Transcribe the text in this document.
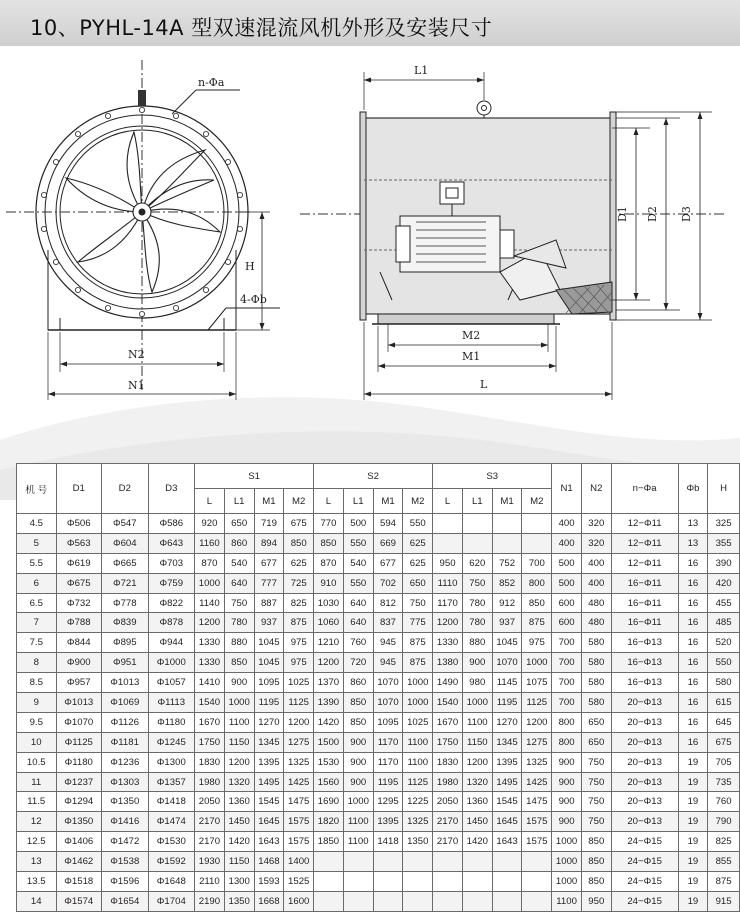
10、PYHL-14A 型双速混流风机外形及安装尺寸
n-Φa
4-Φb
H
N2
N1
L1
M2
M1
L
D1 D2 D3
机 号	D1	D2	D3	S1				S2				S3				N1	N2	n−Φa	Φb	H
				L	L1	M1	M2	L	L1	M1	M2	L	L1	M1	M2					
4.5	Φ506	Φ547	Φ586	920	650	719	675	770	500	594	550					400	320	12−Φ11	13	325
5	Φ563	Φ604	Φ643	1160	860	894	850	850	550	669	625					400	320	12−Φ11	13	355
5.5	Φ619	Φ665	Φ703	870	540	677	625	870	540	677	625	950	620	752	700	500	400	12−Φ11	16	390
6	Φ675	Φ721	Φ759	1000	640	777	725	910	550	702	650	1110	750	852	800	500	400	16−Φ11	16	420
6.5	Φ732	Φ778	Φ822	1140	750	887	825	1030	640	812	750	1170	780	912	850	600	480	16−Φ11	16	455
7	Φ788	Φ839	Φ878	1200	780	937	875	1060	640	837	775	1200	780	937	875	600	480	16−Φ11	16	485
7.5	Φ844	Φ895	Φ944	1330	880	1045	975	1210	760	945	875	1330	880	1045	975	700	580	16−Φ13	16	520
8	Φ900	Φ951	Φ1000	1330	850	1045	975	1200	720	945	875	1380	900	1070	1000	700	580	16−Φ13	16	550
8.5	Φ957	Φ1013	Φ1057	1410	900	1095	1025	1370	860	1070	1000	1490	980	1145	1075	700	580	16−Φ13	16	580
9	Φ1013	Φ1069	Φ1113	1540	1000	1195	1125	1390	850	1070	1000	1540	1000	1195	1125	700	580	20−Φ13	16	615
9.5	Φ1070	Φ1126	Φ1180	1670	1100	1270	1200	1420	850	1095	1025	1670	1100	1270	1200	800	650	20−Φ13	16	645
10	Φ1125	Φ1181	Φ1245	1750	1150	1345	1275	1500	900	1170	1100	1750	1150	1345	1275	800	650	20−Φ13	16	675
10.5	Φ1180	Φ1236	Φ1300	1830	1200	1395	1325	1530	900	1170	1100	1830	1200	1395	1325	900	750	20−Φ13	19	705
11	Φ1237	Φ1303	Φ1357	1980	1320	1495	1425	1560	900	1195	1125	1980	1320	1495	1425	900	750	20−Φ13	19	735
11.5	Φ1294	Φ1350	Φ1418	2050	1360	1545	1475	1690	1000	1295	1225	2050	1360	1545	1475	900	750	20−Φ13	19	760
12	Φ1350	Φ1416	Φ1474	2170	1450	1645	1575	1820	1100	1395	1325	2170	1450	1645	1575	900	750	20−Φ13	19	790
12.5	Φ1406	Φ1472	Φ1530	2170	1420	1643	1575	1850	1100	1418	1350	2170	1420	1643	1575	1000	850	24−Φ15	19	825
13	Φ1462	Φ1538	Φ1592	1930	1150	1468	1400									1000	850	24−Φ15	19	855
13.5	Φ1518	Φ1596	Φ1648	2110	1300	1593	1525									1000	850	24−Φ15	19	875
14	Φ1574	Φ1654	Φ1704	2190	1350	1668	1600									1100	950	24−Φ15	19	915
